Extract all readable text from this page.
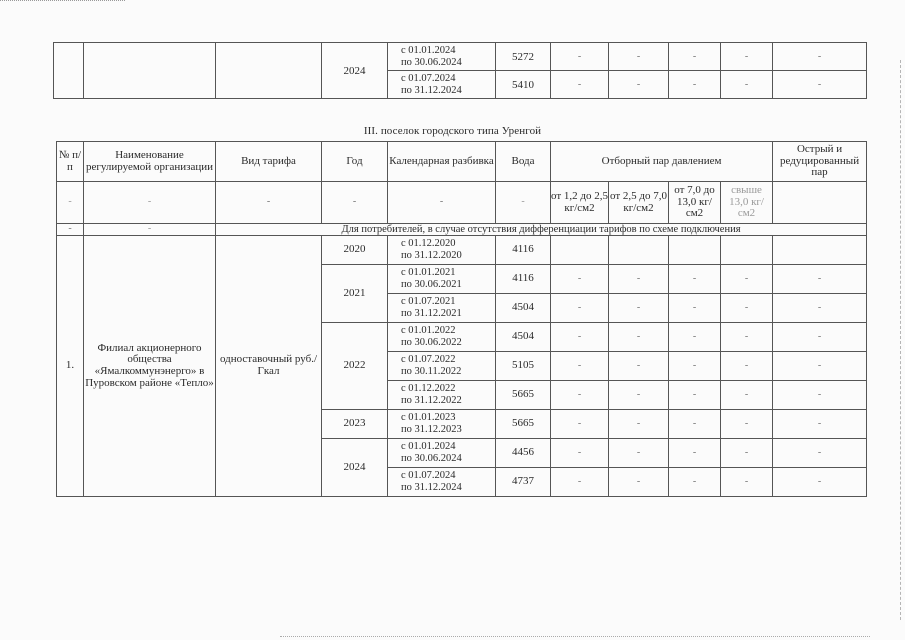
			2024	с 01.01.2024
по 30.06.2024	5272	-	-	-	-	-

				с 01.07.2024
по 31.12.2024	5410	-	-	-	-	-
III. поселок городского типа Уренгой
№ п/п	Наименование регулируемой организации	Вид тарифа	Год	Календарная разбивка	Вода	Отборный пар давлением				Острый и редуцированный пар
-	-	-	-	-	-	от 1,2 до 2,5 кг/см2	от 2,5 до 7,0 кг/см2	от 7,0 до 13,0 кг/см2	свыше 13,0 кг/см2	
-	-	Для потребителей, в случае отсутствия дифференциации тарифов по схеме подключения								
1.	Филиал акционерного общества «Ямалкоммунэнерго» в Пуровском районе «Тепло»	одноставочный руб./Гкал	2020	с 01.12.2020
по 31.12.2020	4116					
			2021	с 01.01.2021
по 30.06.2021	4116	-	-	-	-	-

				с 01.07.2021
по 31.12.2021	4504	-	-	-	-	-
			2022	с 01.01.2022
по 30.06.2022	4504	-	-	-	-	-

				с 01.07.2022
по 30.11.2022	5105	-	-	-	-	-

				с 01.12.2022
по 31.12.2022	5665	-	-	-	-	-
			2023	с 01.01.2023
по 31.12.2023	5665	-	-	-	-	-
			2024	с 01.01.2024
по 30.06.2024	4456	-	-	-	-	-

				с 01.07.2024
по 31.12.2024	4737	-	-	-	-	-
